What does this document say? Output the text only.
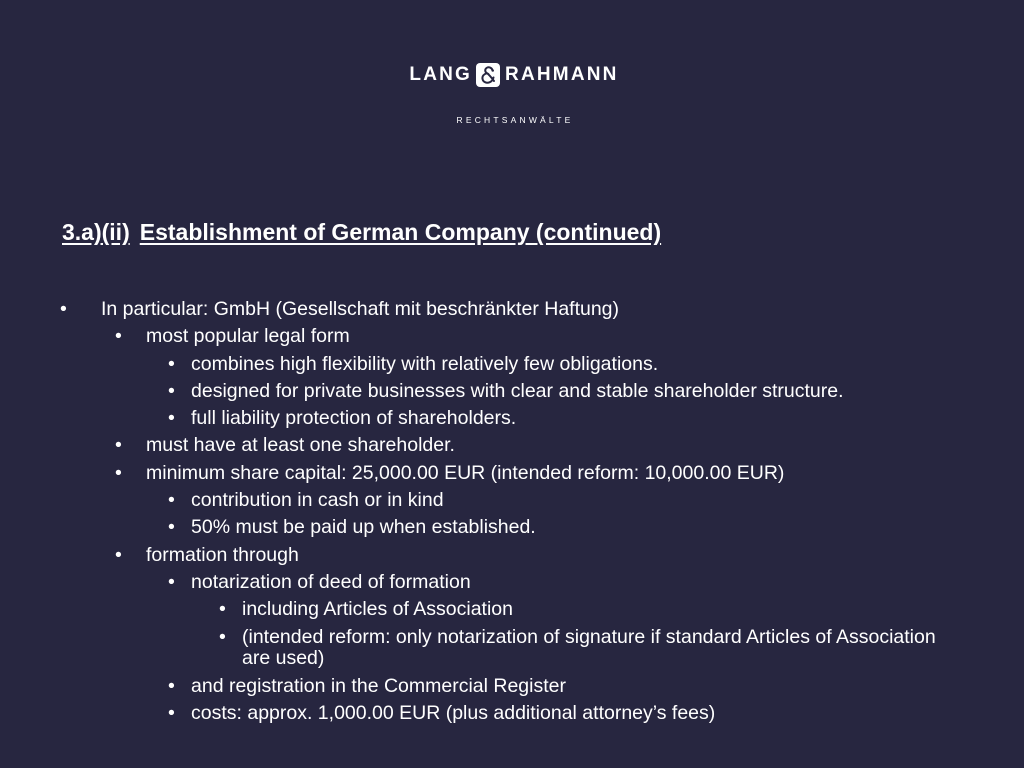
LANG RAHMANN
RECHTSANWÄLTE
3.a)(ii) Establishment of German Company (continued)
• In particular: GmbH (Gesellschaft mit beschränkter Haftung)
• most popular legal form
• combines high flexibility with relatively few obligations.
• designed for private businesses with clear and stable shareholder structure.
• full liability protection of shareholders.
• must have at least one shareholder.
• minimum share capital: 25,000.00 EUR (intended reform: 10,000.00 EUR)
• contribution in cash or in kind
• 50% must be paid up when established.
• formation through
• notarization of deed of formation
• including Articles of Association
• (intended reform: only notarization of signature if standard Articles of Association are used)
• and registration in the Commercial Register
• costs: approx. 1,000.00 EUR (plus additional attorney’s fees)
